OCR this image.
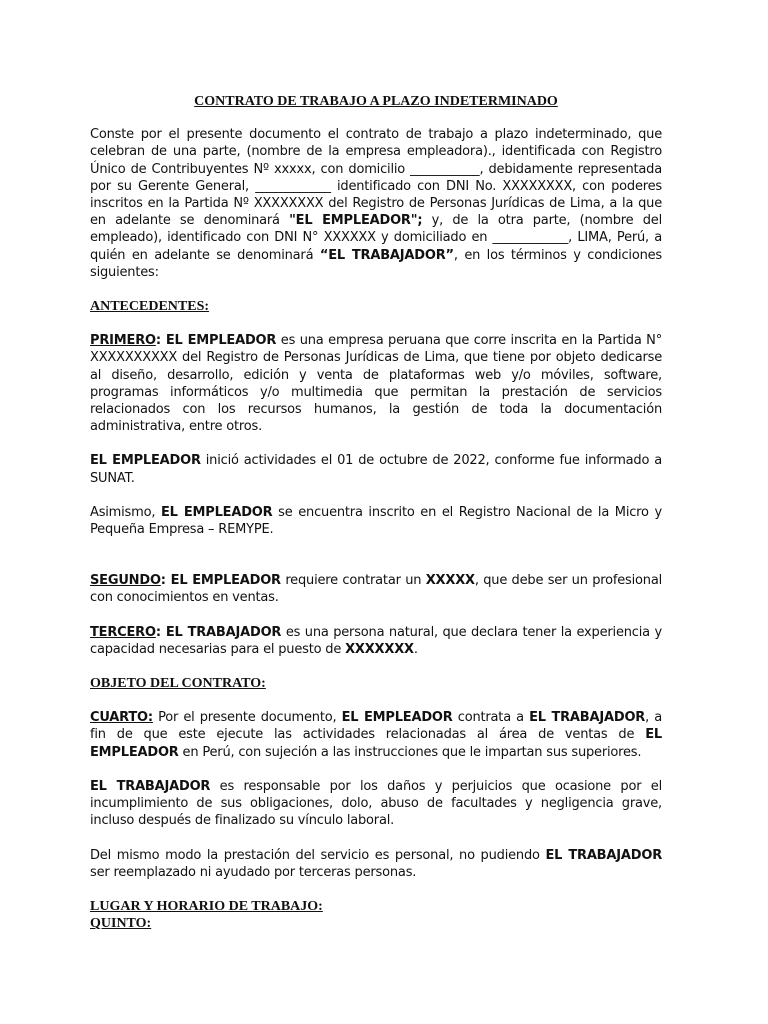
CONTRATO DE TRABAJO A PLAZO INDETERMINADO

Conste por el presente documento el contrato de trabajo a plazo indeterminado, que celebran de una parte, (nombre de la empresa empleadora)., identificada con Registro Único de Contribuyentes Nº xxxxx, con domicilio ___________, debidamente representada por su Gerente General, ____________ identificado con DNI No. XXXXXXXX, con poderes inscritos en la Partida Nº XXXXXXXX del Registro de Personas Jurídicas de Lima, a la que en adelante se denominará "EL EMPLEADOR"; y, de la otra parte, (nombre del empleado), identificado con DNI N° XXXXXX y domiciliado en ____________, LIMA, Perú, a quién en adelante se denominará “EL TRABAJADOR”, en los términos y condiciones siguientes:

ANTECEDENTES:

PRIMERO: EL EMPLEADOR es una empresa peruana que corre inscrita en la Partida N° XXXXXXXXXX del Registro de Personas Jurídicas de Lima, que tiene por objeto dedicarse al diseño, desarrollo, edición y venta de plataformas web y/o móviles, software, programas informáticos y/o multimedia que permitan la prestación de servicios relacionados con los recursos humanos, la gestión de toda la documentación administrativa, entre otros.

EL EMPLEADOR inició actividades el 01 de octubre de 2022, conforme fue informado a SUNAT.

Asimismo, EL EMPLEADOR se encuentra inscrito en el Registro Nacional de la Micro y Pequeña Empresa – REMYPE.

SEGUNDO: EL EMPLEADOR requiere contratar un XXXXX, que debe ser un profesional con conocimientos en ventas.

TERCERO: EL TRABAJADOR es una persona natural, que declara tener la experiencia y capacidad necesarias para el puesto de XXXXXXX.

OBJETO DEL CONTRATO:

CUARTO: Por el presente documento, EL EMPLEADOR contrata a EL TRABAJADOR, a fin de que este ejecute las actividades relacionadas al área de ventas de EL EMPLEADOR en Perú, con sujeción a las instrucciones que le impartan sus superiores.

EL TRABAJADOR es responsable por los daños y perjuicios que ocasione por el incumplimiento de sus obligaciones, dolo, abuso de facultades y negligencia grave, incluso después de finalizado su vínculo laboral.

Del mismo modo la prestación del servicio es personal, no pudiendo EL TRABAJADOR ser reemplazado ni ayudado por terceras personas.

LUGAR Y HORARIO DE TRABAJO:

QUINTO:
